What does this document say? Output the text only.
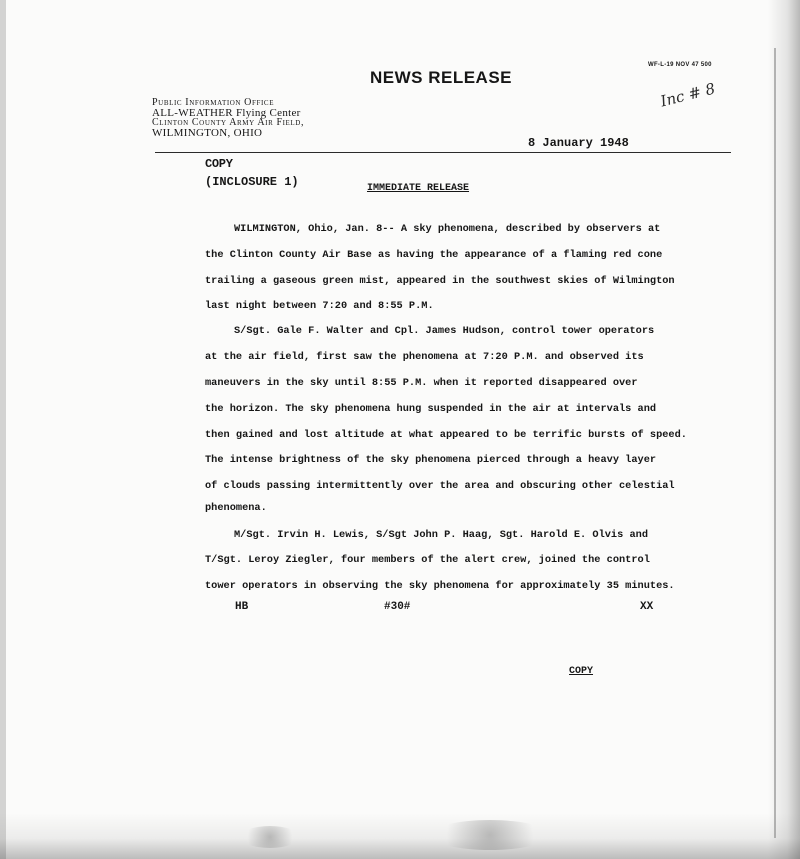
NEWS RELEASE
WF-L-19 NOV 47 500
Inc # 8
Public Information Office
ALL-WEATHER Flying Center
Clinton County Army Air Field,
WILMINGTON, OHIO
8 January 1948
COPY
(INCLOSURE 1)	IMMEDIATE RELEASE
WILMINGTON, Ohio, Jan. 8-- A sky phenomena, described by observers at
the Clinton County Air Base as having the appearance of a flaming red cone
trailing a gaseous green mist, appeared in the southwest skies of Wilmington
last night between 7:20 and 8:55 P.M.
S/Sgt. Gale F. Walter and Cpl. James Hudson, control tower operators
at the air field, first saw the phenomena at 7:20 P.M. and observed its
maneuvers in the sky until 8:55 P.M. when it reported disappeared over
the horizon. The sky phenomena hung suspended in the air at intervals and
then gained and lost altitude at what appeared to be terrific bursts of speed.
The intense brightness of the sky phenomena pierced through a heavy layer
of clouds passing intermittently over the area and obscuring other celestial
phenomena.
M/Sgt. Irvin H. Lewis, S/Sgt John P. Haag, Sgt. Harold E. Olvis and
T/Sgt. Leroy Ziegler, four members of the alert crew, joined the control
tower operators in observing the sky phenomena for approximately 35 minutes.
HB	#30#	XX
COPY
